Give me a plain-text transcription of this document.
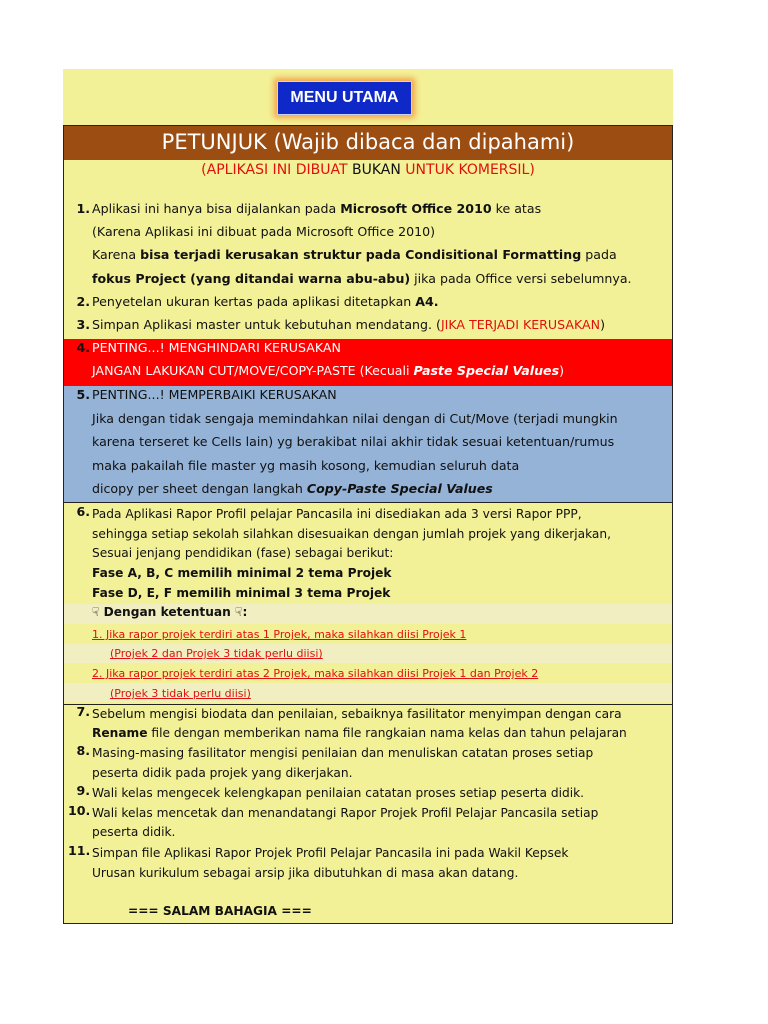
MENU UTAMA
PETUNJUK (Wajib dibaca dan dipahami)
(APLIKASI INI DIBUAT BUKAN UNTUK KOMERSIL)
1. Aplikasi ini hanya bisa dijalankan pada Microsoft Office 2010 ke atas
(Karena Aplikasi ini dibuat pada Microsoft Office 2010)
Karena bisa terjadi kerusakan struktur pada Condisitional Formatting pada
fokus Project (yang ditandai warna abu-abu) jika pada Office versi sebelumnya.
2. Penyetelan ukuran kertas pada aplikasi ditetapkan A4.
3. Simpan Aplikasi master untuk kebutuhan mendatang. (JIKA TERJADI KERUSAKAN)
4. PENTING...! MENGHINDARI KERUSAKAN
JANGAN LAKUKAN CUT/MOVE/COPY-PASTE (Kecuali Paste Special Values)
5. PENTING...! MEMPERBAIKI KERUSAKAN
Jika dengan tidak sengaja memindahkan nilai dengan di Cut/Move (terjadi mungkin
karena terseret ke Cells lain) yg berakibat nilai akhir tidak sesuai ketentuan/rumus
maka pakailah file master yg masih kosong, kemudian seluruh data
dicopy per sheet dengan langkah Copy-Paste Special Values
6. Pada Aplikasi Rapor Profil pelajar Pancasila ini disediakan ada 3 versi Rapor PPP,
sehingga setiap sekolah silahkan disesuaikan dengan jumlah projek yang dikerjakan,
Sesuai jenjang pendidikan (fase) sebagai berikut:
Fase A, B, C memilih minimal 2 tema Projek
Fase D, E, F memilih minimal 3 tema Projek
☟ Dengan ketentuan ☟:
1. Jika rapor projek terdiri atas 1 Projek, maka silahkan diisi Projek 1
(Projek 2 dan Projek 3 tidak perlu diisi)
2. Jika rapor projek terdiri atas 2 Projek, maka silahkan diisi Projek 1 dan Projek 2
(Projek 3 tidak perlu diisi)
7. Sebelum mengisi biodata dan penilaian, sebaiknya fasilitator menyimpan dengan cara
Rename file dengan memberikan nama file rangkaian nama kelas dan tahun pelajaran
8. Masing-masing fasilitator mengisi penilaian dan menuliskan catatan proses setiap
peserta didik pada projek yang dikerjakan.
9. Wali kelas mengecek kelengkapan penilaian catatan proses setiap peserta didik.
10. Wali kelas mencetak dan menandatangi Rapor Projek Profil Pelajar Pancasila setiap
peserta didik.
11. Simpan file Aplikasi Rapor Projek Profil Pelajar Pancasila ini pada Wakil Kepsek
Urusan kurikulum sebagai arsip jika dibutuhkan di masa akan datang.
=== SALAM BAHAGIA ===
